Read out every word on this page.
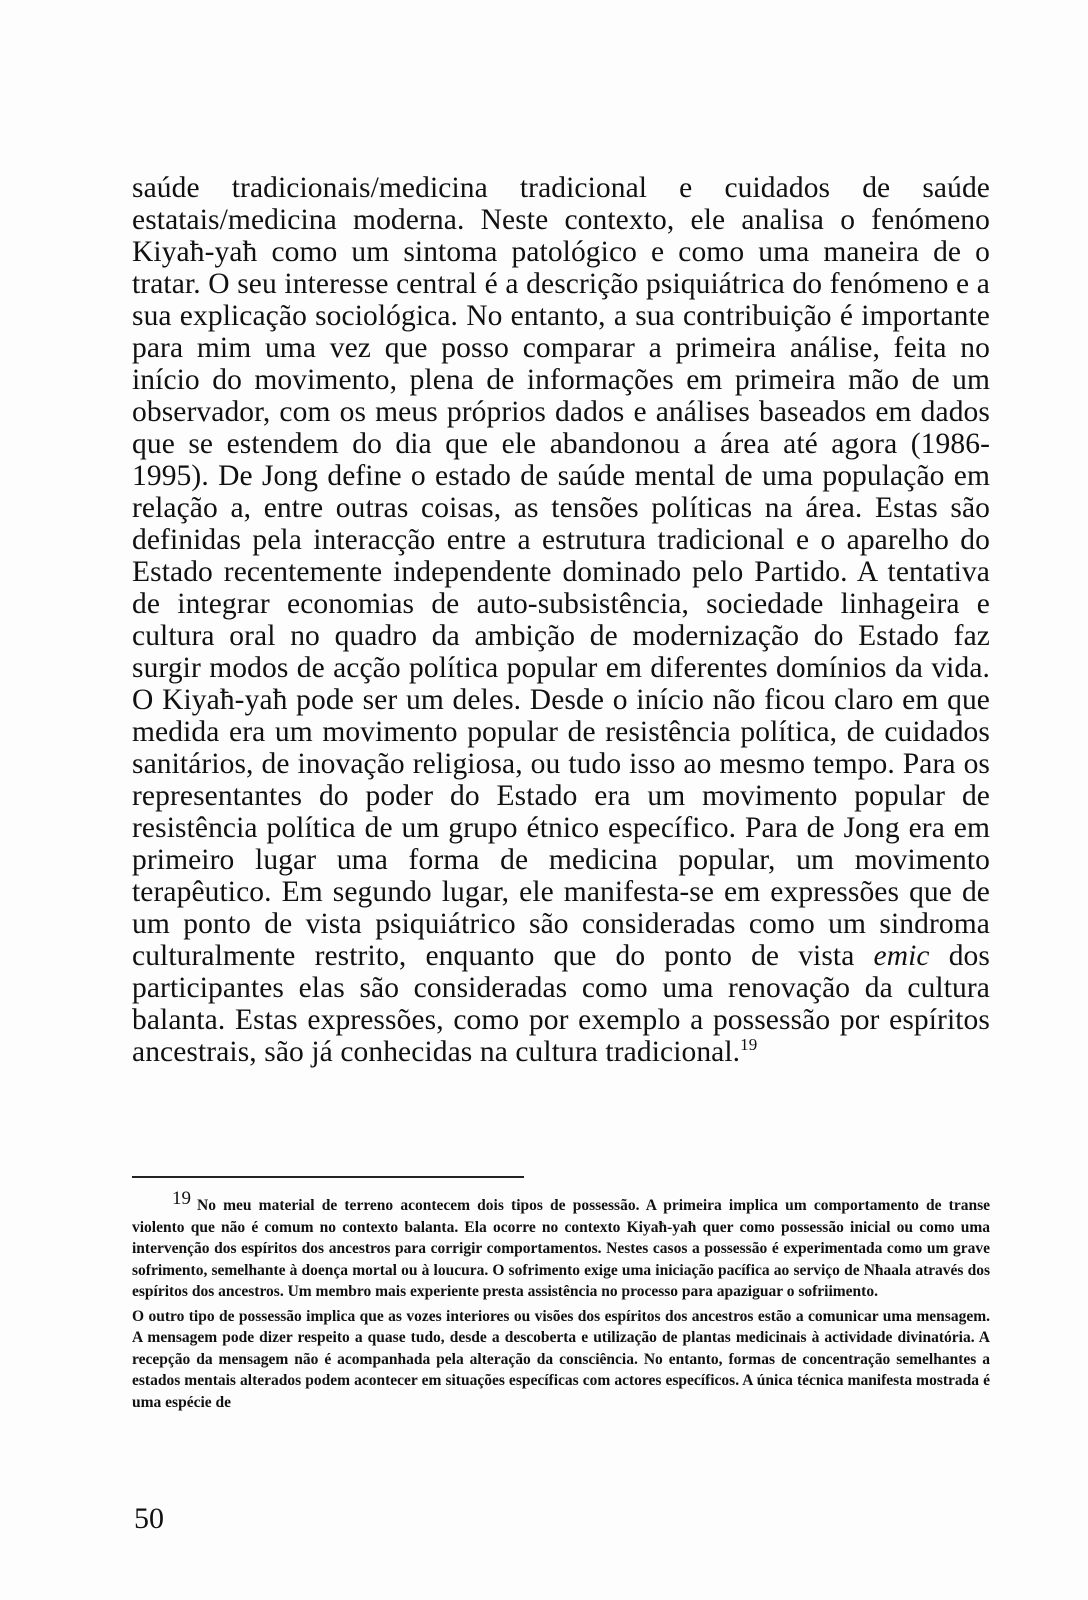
saúde tradicionais/medicina tradicional e cuidados de saúde estatais/medicina moderna. Neste contexto, ele analisa o fenómeno Kiyaħ-yaħ como um sintoma patológico e como uma maneira de o tratar. O seu interesse central é a descrição psiquiátrica do fenómeno e a sua explicação sociológica. No entanto, a sua contribuição é importante para mim uma vez que posso comparar a primeira análise, feita no início do movimento, plena de informações em primeira mão de um observador, com os meus próprios dados e análises baseados em dados que se estendem do dia que ele abandonou a área até agora (1986-1995). De Jong define o estado de saúde mental de uma população em relação a, entre outras coisas, as tensões políticas na área. Estas são definidas pela interacção entre a estrutura tradicional e o aparelho do Estado recentemente independente dominado pelo Partido. A tentativa de integrar economias de auto-subsistência, sociedade linhageira e cultura oral no quadro da ambição de modernização do Estado faz surgir modos de acção política popular em diferentes domínios da vida. O Kiyaħ-yaħ pode ser um deles. Desde o início não ficou claro em que medida era um movimento popular de resistência política, de cuidados sanitários, de inovação religiosa, ou tudo isso ao mesmo tempo. Para os representantes do poder do Estado era um movimento popular de resistência política de um grupo étnico específico. Para de Jong era em primeiro lugar uma forma de medicina popular, um movimento terapêutico. Em segundo lugar, ele manifesta-se em expressões que de um ponto de vista psiquiátrico são consideradas como um sindroma culturalmente restrito, enquanto que do ponto de vista emic dos participantes elas são consideradas como uma renovação da cultura balanta. Estas expressões, como por exemplo a possessão por espíritos ancestrais, são já conhecidas na cultura tradicional.$^{19}$

19 No meu material de terreno acontecem dois tipos de possessão. A primeira implica um comportamento de transe violento que não é comum no contexto balanta. Ela ocorre no contexto Kiyaħ-yaħ quer como possessão inicial ou como uma intervenção dos espíritos dos ancestros para corrigir comportamentos. Nestes casos a possessão é experimentada como um grave sofrimento, semelhante à doença mortal ou à loucura. O sofrimento exige uma iniciação pacífica ao serviço de Nħaala através dos espíritos dos ancestros. Um membro mais experiente presta assistência no processo para apaziguar o sofriimento.

O outro tipo de possessão implica que as vozes interiores ou visões dos espíritos dos ancestros estão a comunicar uma mensagem. A mensagem pode dizer respeito a quase tudo, desde a descoberta e utilização de plantas medicinais à actividade divinatória. A recepção da mensagem não é acompanhada pela alteração da consciência. No entanto, formas de concentração semelhantes a estados mentais alterados podem acontecer em situações específicas com actores específicos. A única técnica manifesta mostrada é uma espécie de

50
